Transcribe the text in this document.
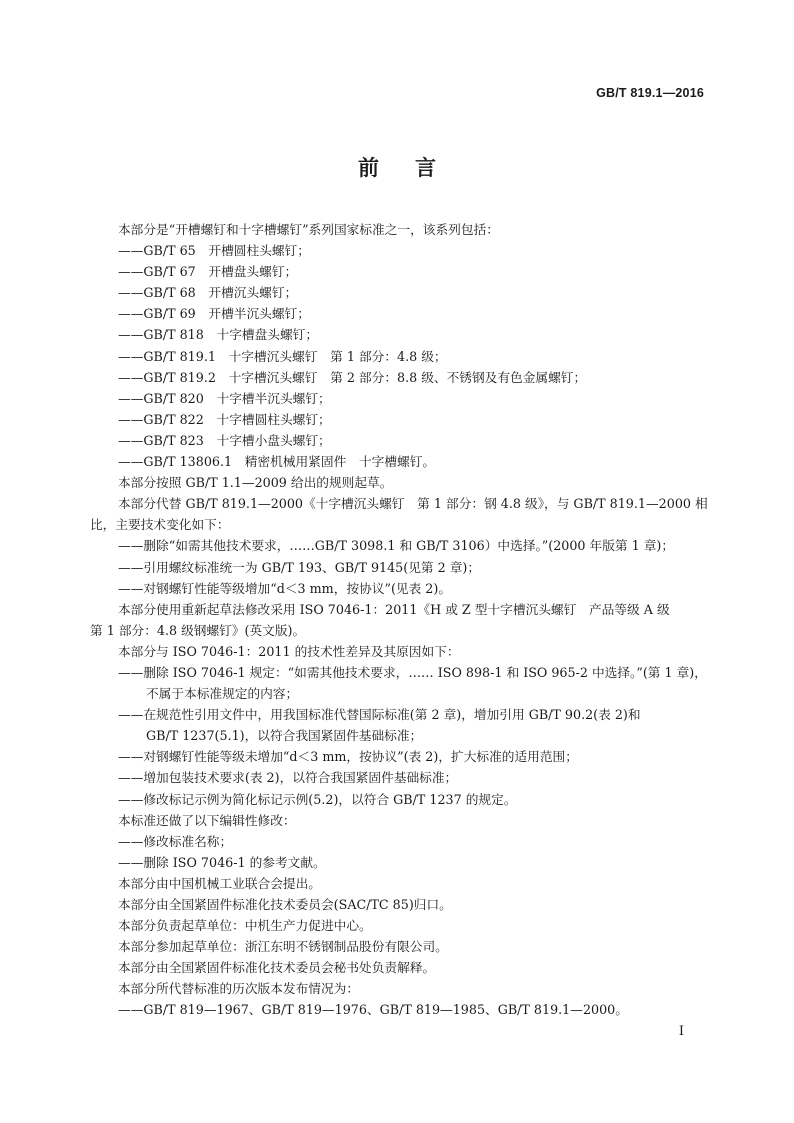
GB/T 819.1—2016
前 言
本部分是“开槽螺钉和十字槽螺钉”系列国家标准之一，该系列包括：
——GB/T 65　开槽圆柱头螺钉；
——GB/T 67　开槽盘头螺钉；
——GB/T 68　开槽沉头螺钉；
——GB/T 69　开槽半沉头螺钉；
——GB/T 818　十字槽盘头螺钉；
——GB/T 819.1　十字槽沉头螺钉　第 1 部分：4.8 级；
——GB/T 819.2　十字槽沉头螺钉　第 2 部分：8.8 级、不锈钢及有色金属螺钉；
——GB/T 820　十字槽半沉头螺钉；
——GB/T 822　十字槽圆柱头螺钉；
——GB/T 823　十字槽小盘头螺钉；
——GB/T 13806.1　精密机械用紧固件　十字槽螺钉。
本部分按照 GB/T 1.1—2009 给出的规则起草。
本部分代替 GB/T 819.1—2000《十字槽沉头螺钉　第 1 部分：钢 4.8 级》，与 GB/T 819.1—2000 相
比，主要技术变化如下：
——删除“如需其他技术要求，……GB/T 3098.1 和 GB/T 3106）中选择。”(2000 年版第 1 章)；
——引用螺纹标准统一为 GB/T 193、GB/T 9145(见第 2 章)；
——对钢螺钉性能等级增加“d＜3 mm，按协议”(见表 2)。
本部分使用重新起草法修改采用 ISO 7046-1：2011《H 或 Z 型十字槽沉头螺钉　产品等级 A 级
第 1 部分：4.8 级钢螺钉》(英文版)。
本部分与 ISO 7046-1：2011 的技术性差异及其原因如下：
——删除 ISO 7046-1 规定：“如需其他技术要求，…… ISO 898-1 和 ISO 965-2 中选择。”(第 1 章)，
不属于本标准规定的内容；
——在规范性引用文件中，用我国标准代替国际标准(第 2 章)，增加引用 GB/T 90.2(表 2)和
GB/T 1237(5.1)，以符合我国紧固件基础标准；
——对钢螺钉性能等级未增加“d＜3 mm，按协议”(表 2)，扩大标准的适用范围；
——增加包装技术要求(表 2)，以符合我国紧固件基础标准；
——修改标记示例为简化标记示例(5.2)，以符合 GB/T 1237 的规定。
本标准还做了以下编辑性修改：
——修改标准名称；
——删除 ISO 7046-1 的参考文献。
本部分由中国机械工业联合会提出。
本部分由全国紧固件标准化技术委员会(SAC/TC 85)归口。
本部分负责起草单位：中机生产力促进中心。
本部分参加起草单位：浙江东明不锈钢制品股份有限公司。
本部分由全国紧固件标准化技术委员会秘书处负责解释。
本部分所代替标准的历次版本发布情况为：
——GB/T 819—1967、GB/T 819—1976、GB/T 819—1985、GB/T 819.1—2000。
I
